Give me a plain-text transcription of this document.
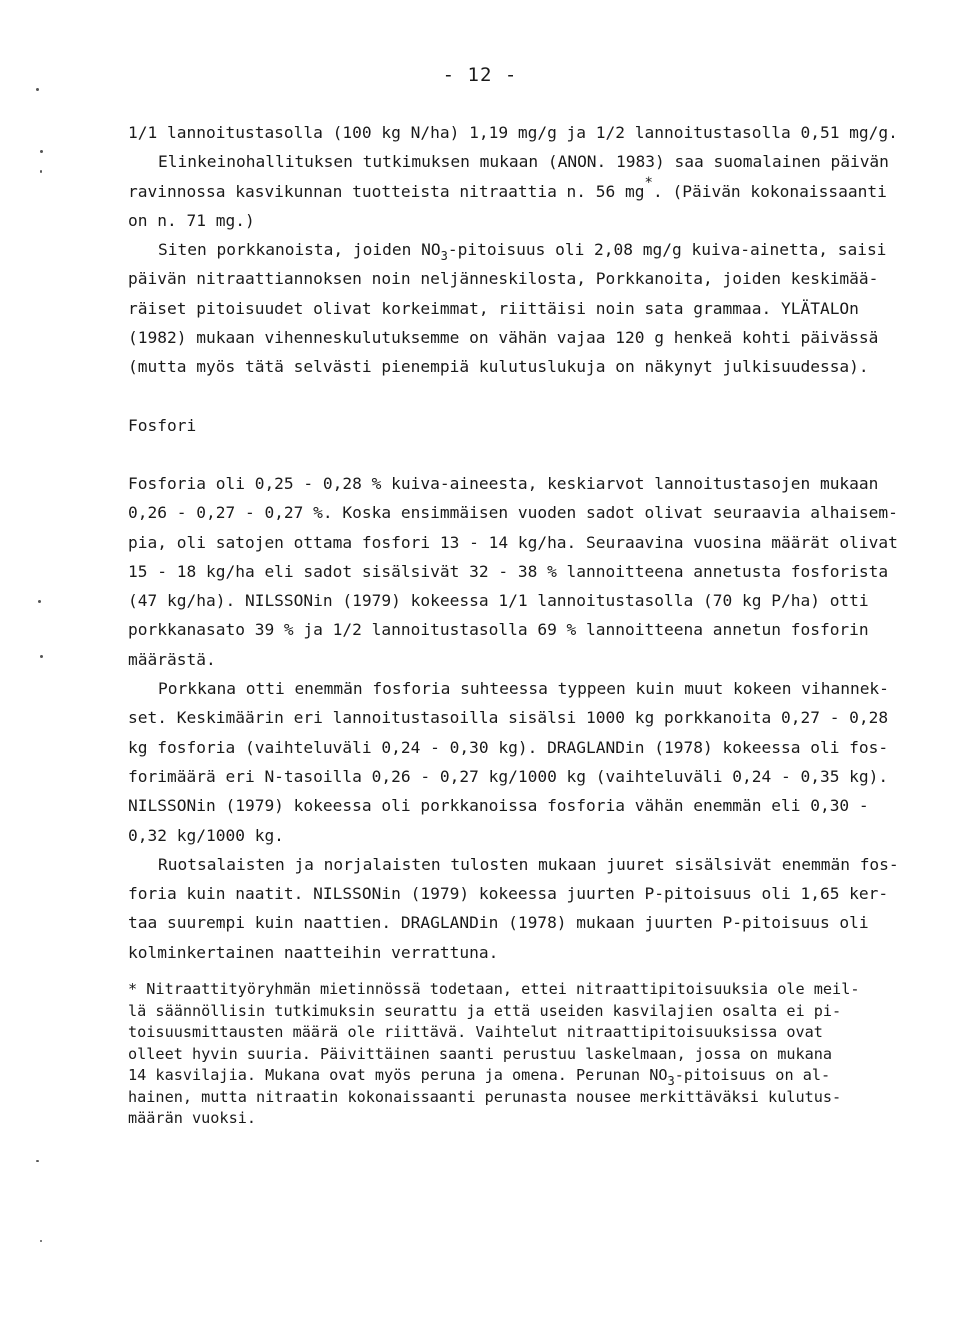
- 12 -
1/1 lannoitustasolla (100 kg N/ha) 1,19 mg/g ja 1/2 lannoitustasolla 0,51 mg/g.
Elinkeinohallituksen tutkimuksen mukaan (ANON. 1983) saa suomalainen päivän
ravinnossa kasvikunnan tuotteista nitraattia n. 56 mg*. (Päivän kokonaissaanti
on n. 71 mg.)
Siten porkkanoista, joiden $NO_3$-pitoisuus oli 2,08 mg/g kuiva-ainetta, saisi
päivän nitraattiannoksen noin neljänneskilosta, Porkkanoita, joiden keskimää-
räiset pitoisuudet olivat korkeimmat, riittäisi noin sata grammaa. YLÄTALOn
(1982) mukaan vihenneskulutuksemme on vähän vajaa 120 g henkeä kohti päivässä
(mutta myös tätä selvästi pienempiä kulutuslukuja on näkynyt julkisuudessa).
Fosfori
Fosforia oli 0,25 - 0,28 % kuiva-aineesta, keskiarvot lannoitustasojen mukaan
0,26 - 0,27 - 0,27 %. Koska ensimmäisen vuoden sadot olivat seuraavia alhaisem-
pia, oli satojen ottama fosfori 13 - 14 kg/ha. Seuraavina vuosina määrät olivat
15 - 18 kg/ha eli sadot sisälsivät 32 - 38 % lannoitteena annetusta fosforista
(47 kg/ha). NILSSONin (1979) kokeessa 1/1 lannoitustasolla (70 kg P/ha) otti
porkkanasato 39 % ja 1/2 lannoitustasolla 69 % lannoitteena annetun fosforin
määrästä.
Porkkana otti enemmän fosforia suhteessa typpeen kuin muut kokeen vihannek-
set. Keskimäärin eri lannoitustasoilla sisälsi 1000 kg porkkanoita 0,27 - 0,28
kg fosforia (vaihteluväli 0,24 - 0,30 kg). DRAGLANDin (1978) kokeessa oli fos-
forimäärä eri N-tasoilla 0,26 - 0,27 kg/1000 kg (vaihteluväli 0,24 - 0,35 kg).
NILSSONin (1979) kokeessa oli porkkanoissa fosforia vähän enemmän eli 0,30 -
0,32 kg/1000 kg.
Ruotsalaisten ja norjalaisten tulosten mukaan juuret sisälsivät enemmän fos-
foria kuin naatit. NILSSONin (1979) kokeessa juurten P-pitoisuus oli 1,65 ker-
taa suurempi kuin naattien. DRAGLANDin (1978) mukaan juurten P-pitoisuus oli
kolminkertainen naatteihin verrattuna.
* Nitraattityöryhmän mietinnössä todetaan, ettei nitraattipitoisuuksia ole meil-
lä säännöllisin tutkimuksin seurattu ja että useiden kasvilajien osalta ei pi-
toisuusmittausten määrä ole riittävä. Vaihtelut nitraattipitoisuuksissa ovat
olleet hyvin suuria. Päivittäinen saanti perustuu laskelmaan, jossa on mukana
14 kasvilajia. Mukana ovat myös peruna ja omena. Perunan $NO_3$-pitoisuus on al-
hainen, mutta nitraatin kokonaissaanti perunasta nousee merkittäväksi kulutus-
määrän vuoksi.
